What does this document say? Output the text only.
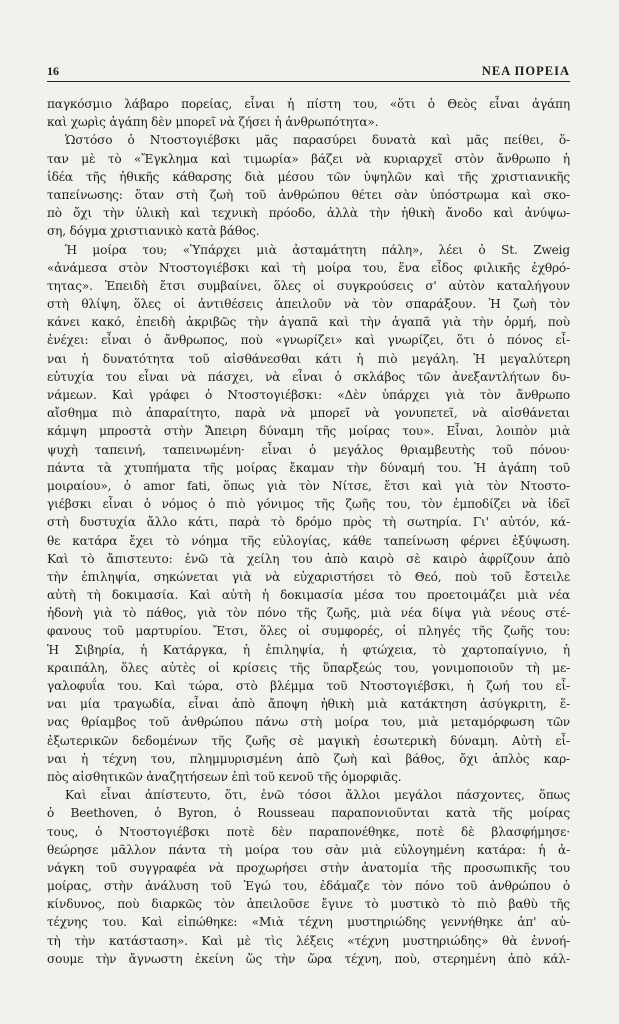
16	ΝΕΑ ΠΟΡΕΙΑ
παγκόσμιο λάβαρο πορείας, εἶναι ἡ πίστη του, «ὅτι ὁ Θεὸς εἶναι ἀγάπη
καὶ χωρὶς ἀγάπη δὲν μπορεῖ νὰ ζήσει ἡ ἀνθρωπότητα».
Ὡστόσο ὁ Ντοστογιέβσκι μᾶς παρασύρει δυνατὰ καὶ μᾶς πείθει, ὅ-
ταν μὲ τὸ «Ἔγκλημα καὶ τιμωρία» βάζει νὰ κυριαρχεῖ στὸν ἄνθρωπο ἡ
ἰδέα τῆς ἠθικῆς κάθαρσης διὰ μέσου τῶν ὑψηλῶν καὶ τῆς χριστιανικῆς
ταπείνωσης: ὅταν στὴ ζωὴ τοῦ ἀνθρώπου θέτει σὰν ὑπόστρωμα καὶ σκο-
πὸ ὄχι τὴν ὑλικὴ καὶ τεχνικὴ πρόοδο, ἀλλὰ τὴν ἠθικὴ ἄνοδο καὶ ἀνύψω-
ση, δόγμα χριστιανικὸ κατὰ βάθος.
Ἡ μοίρα του; «Ὑπάρχει μιὰ ἀσταμάτητη πάλη», λέει ὁ St. Zweig
«ἀνάμεσα στὸν Ντοστογιέβσκι καὶ τὴ μοίρα του, ἕνα εἶδος φιλικῆς ἐχθρό-
τητας». Ἐπειδὴ ἔτσι συμβαίνει, ὅλες οἱ συγκρούσεις σ' αὐτὸν καταλήγουν
στὴ θλίψη, ὅλες οἱ ἀντιθέσεις ἀπειλοῦν νὰ τὸν σπαράξουν. Ἡ ζωὴ τὸν
κάνει κακό, ἐπειδὴ ἀκριβῶς τὴν ἀγαπᾶ καὶ τὴν ἀγαπᾶ γιὰ τὴν ὁρμή, ποὺ
ἐνέχει: εἶναι ὁ ἄνθρωπος, ποὺ «γνωρίζει» καὶ γνωρίζει, ὅτι ὁ πόνος εἶ-
ναι ἡ δυνατότητα τοῦ αἰσθάνεσθαι κάτι ἡ πιὸ μεγάλη. Ἡ μεγαλύτερη
εὐτυχία του εἶναι νὰ πάσχει, νὰ εἶναι ὁ σκλάβος τῶν ἀνεξαντλήτων δυ-
νάμεων. Καὶ γράφει ὁ Ντοστογιέβσκι: «Δὲν ὑπάρχει γιὰ τὸν ἄνθρωπο
αἴσθημα πιὸ ἀπαραίτητο, παρὰ νὰ μπορεῖ νὰ γονυπετεῖ, νὰ αἰσθάνεται
κάμψη μπροστὰ στὴν Ἄπειρη δύναμη τῆς μοίρας του». Εἶναι, λοιπὸν μιὰ
ψυχὴ ταπεινή, ταπεινωμένη· εἶναι ὁ μεγάλος θριαμβευτὴς τοῦ πόνου·
πάντα τὰ χτυπήματα τῆς μοίρας ἔκαμαν τὴν δύναμή του. Ἡ ἀγάπη τοῦ
μοιραίου», ὁ amor fati, ὅπως γιὰ τὸν Νίτσε, ἔτσι καὶ γιὰ τὸν Ντοστο-
γιέβσκι εἶναι ὁ νόμος ὁ πιὸ γόνιμος τῆς ζωῆς του, τὸν ἐμποδίζει νὰ ἰδεῖ
στὴ δυστυχία ἄλλο κάτι, παρὰ τὸ δρόμο πρὸς τὴ σωτηρία. Γι' αὐτόν, κά-
θε κατάρα ἔχει τὸ νόημα τῆς εὐλογίας, κάθε ταπείνωση φέρνει ἐξύψωση.
Καὶ τὸ ἄπιστευτο: ἐνῶ τὰ χείλη του ἀπὸ καιρὸ σὲ καιρὸ ἀφρίζουν ἀπὸ
τὴν ἐπιληψία, σηκώνεται γιὰ νὰ εὐχαριστήσει τὸ Θεό, ποὺ τοῦ ἔστειλε
αὐτὴ τὴ δοκιμασία. Καὶ αὐτὴ ἡ δοκιμασία μέσα του προετοιμάζει μιὰ νέα
ἡδονὴ γιὰ τὸ πάθος, γιὰ τὸν πόνο τῆς ζωῆς, μιὰ νέα δίψα γιὰ νέους στέ-
φανους τοῦ μαρτυρίου. Ἔτσι, ὅλες οἱ συμφορές, οἱ πληγές τῆς ζωῆς του:
Ἡ Σιβηρία, ἡ Κατάργκα, ἡ ἐπιληψία, ἡ φτώχεια, τὸ χαρτοπαίγνιο, ἡ
κραιπάλη, ὅλες αὐτὲς οἱ κρίσεις τῆς ὕπαρξεώς του, γονιμοποιοῦν τὴ με-
γαλοφυΐα του. Καὶ τώρα, στὸ βλέμμα τοῦ Ντοστογιέβσκι, ἡ ζωή του εἶ-
ναι μία τραγωδία, εἶναι ἀπὸ ἄποψη ἠθικὴ μιὰ κατάκτηση ἀσύγκριτη, ἕ-
νας θρίαμβος τοῦ ἀνθρώπου πάνω στὴ μοίρα του, μιὰ μεταμόρφωση τῶν
ἐξωτερικῶν δεδομένων τῆς ζωῆς σὲ μαγικὴ ἐσωτερικὴ δύναμη. Αὐτὴ εἶ-
ναι ἡ τέχνη του, πλημμυρισμένη ἀπὸ ζωὴ καὶ βάθος, ὄχι ἁπλὸς καρ-
πὸς αἰσθητικῶν ἀναζητήσεων ἐπὶ τοῦ κενοῦ τῆς ὁμορφιᾶς.
Καὶ εἶναι ἀπίστευτο, ὅτι, ἐνῶ τόσοι ἄλλοι μεγάλοι πάσχοντες, ὅπως
ὁ Beethoven, ὁ Byron, ὁ Rousseau παραπονιοῦνται κατὰ τῆς μοίρας
τους, ὁ Ντοστογιέβσκι ποτὲ δὲν παραπονέθηκε, ποτὲ δὲ βλασφήμησε·
θεώρησε μᾶλλον πάντα τὴ μοίρα του σὰν μιὰ εὐλογημένη κατάρα: ἡ ἀ-
νάγκη τοῦ συγγραφέα νὰ προχωρήσει στὴν ἀνατομία τῆς προσωπικῆς του
μοίρας, στὴν ἀνάλυση τοῦ Ἐγώ του, ἐδάμαζε τὸν πόνο τοῦ ἀνθρώπου ὁ
κίνδυνος, ποὺ διαρκῶς τὸν ἀπειλοῦσε ἔγινε τὸ μυστικὸ τὸ πιὸ βαθὺ τῆς
τέχνης του. Καὶ εἰπώθηκε: «Μιὰ τέχνη μυστηριώδης γεννήθηκε ἀπ' αὐ-
τὴ τὴν κατάσταση». Καὶ μὲ τὶς λέξεις «τέχνη μυστηριώδης» θὰ ἐννοή-
σουμε τὴν ἄγνωστη ἐκείνη ὥς τὴν ὥρα τέχνη, ποὺ, στερημένη ἀπὸ κάλ-
